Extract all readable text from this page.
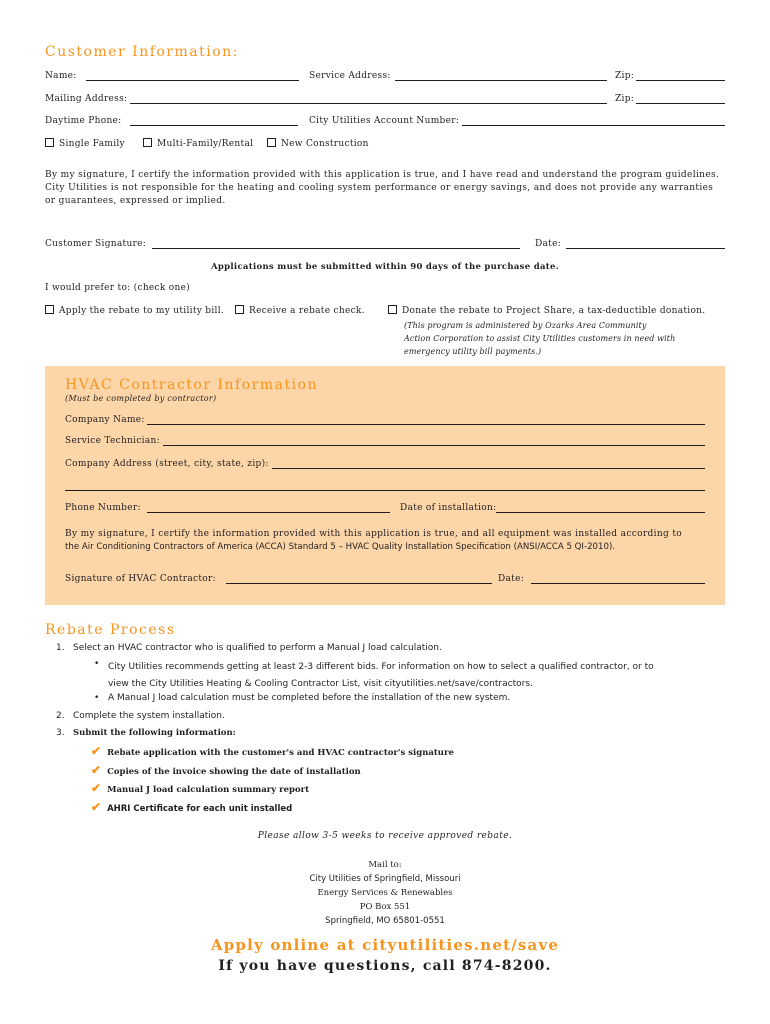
Customer Information:
Name:	Service Address:	Zip:
Mailing Address:	Zip:
Daytime Phone:	City Utilities Account Number:
Single Family	Multi-Family/Rental	New Construction
By my signature, I certify the information provided with this application is true, and I have read and understand the program guidelines.
City Utilities is not responsible for the heating and cooling system performance or energy savings, and does not provide any warranties
or guarantees, expressed or implied.
Customer Signature:	Date:
Applications must be submitted within 90 days of the purchase date.
I would prefer to: (check one)
Apply the rebate to my utility bill.	Receive a rebate check.	Donate the rebate to Project Share, a tax-deductible donation.
(This program is administered by Ozarks Area Community
Action Corporation to assist City Utilities customers in need with
emergency utility bill payments.)
HVAC Contractor Information
(Must be completed by contractor)
Company Name:
Service Technician:
Company Address (street, city, state, zip):
Phone Number:	Date of installation:
By my signature, I certify the information provided with this application is true, and all equipment was installed according to
the Air Conditioning Contractors of America (ACCA) Standard 5 – HVAC Quality Installation Specification (ANSI/ACCA 5 QI-2010).
Signature of HVAC Contractor:	Date:
Rebate Process
1. Select an HVAC contractor who is qualified to perform a Manual J load calculation.
• City Utilities recommends getting at least 2-3 different bids. For information on how to select a qualified contractor, or to
view the City Utilities Heating & Cooling Contractor List, visit cityutilities.net/save/contractors.
• A Manual J load calculation must be completed before the installation of the new system.
2. Complete the system installation.
3. Submit the following information:
✔ Rebate application with the customer's and HVAC contractor's signature
✔ Copies of the invoice showing the date of installation
✔ Manual J load calculation summary report
✔ AHRI Certificate for each unit installed
Please allow 3-5 weeks to receive approved rebate.
Mail to:
City Utilities of Springfield, Missouri
Energy Services & Renewables
PO Box 551
Springfield, MO 65801-0551
Apply online at cityutilities.net/save
If you have questions, call 874-8200.
